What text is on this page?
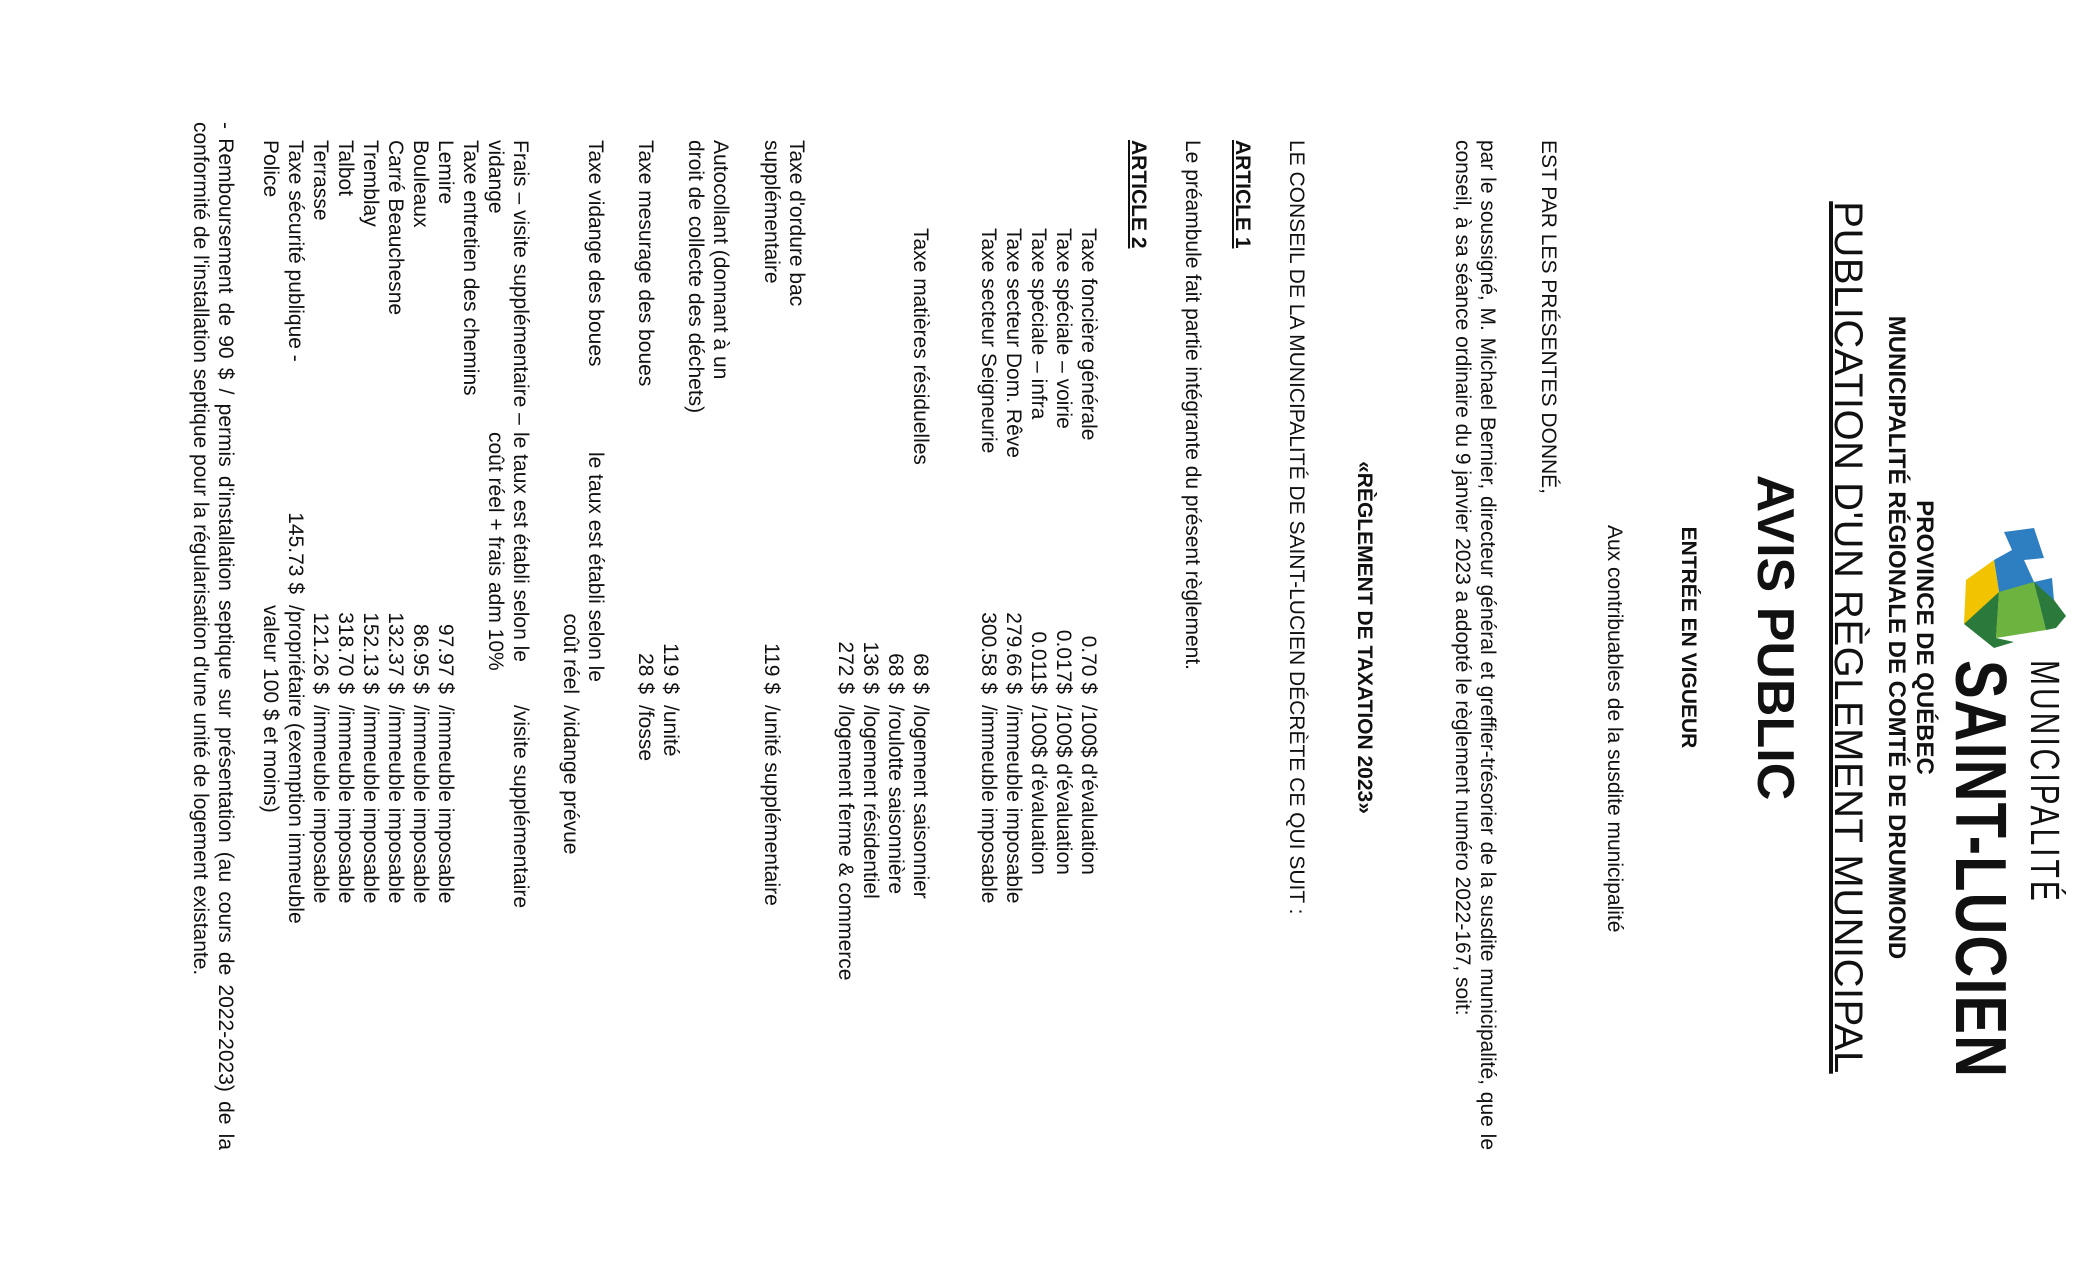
MUNICIPALITÉ
SAINT-LUCIEN
PROVINCE DE QUÉBEC
MUNICIPALITÉ RÉGIONALE DE COMTÉ DE DRUMMOND
PUBLICATION D'UN RÈGLEMENT MUNICIPAL
AVIS PUBLIC
ENTRÉE EN VIGUEUR
Aux contribuables de la susdite municipalité
EST PAR LES PRÉSENTES DONNÉ,
par le soussigné, M. Michael Bernier, directeur général et greffier-trésorier de la susdite municipalité, que le conseil, à sa séance ordinaire du 9 janvier 2023 a adopté le règlement numéro 2022-167, soit:
«RÈGLEMENT DE TAXATION 2023»
LE CONSEIL DE LA MUNICIPALITÉ DE SAINT-LUCIEN DÉCRÈTE CE QUI SUIT :
ARTICLE 1
Le préambule fait partie intégrante du présent règlement.
ARTICLE 2
Taxe foncière générale
0.70 $
/100$ d'évaluation
Taxe spéciale – voirie
0.017$
/100$ d'évaluation
Taxe spéciale – infra
0.011$
/100$ d'évaluation
Taxe secteur Dom. Rêve
279.66 $
/immeuble imposable
Taxe secteur Seigneurie
300.58 $
/immeuble imposable
Taxe matières résiduelles
68 $
/logement saisonnier
68 $
/roulotte saisonnière
136 $
/logement résidentiel
272 $
/logement ferme & commerce
Taxe d'ordure bac
supplémentaire
119 $
/unité supplémentaire
Autocollant (donnant à un
droit de collecte des déchets)
119 $
/unité
Taxe mesurage des boues
28 $
/fosse
Taxe vidange des boues
le taux est établi selon le
coût réel
/vidange prévue
Frais – visite supplémentaire –
vidange
le taux est établi selon le
coût réel + frais adm 10%
/visite supplémentaire
Taxe entretien des chemins
Lemire
97.97 $
/immeuble imposable
Bouleaux
86.95 $
/immeuble imposable
Carré Beauchesne
132.37 $
/immeuble imposable
Tremblay
152.13 $
/immeuble imposable
Talbot
318.70 $
/immeuble imposable
Terrasse
121.26 $
/immeuble imposable
Taxe sécurité publique -
Police
145.73 $
/propriétaire (exemption immeuble
valeur 100 $ et moins)
- Remboursement de 90 $ / permis d'installation septique sur présentation (au cours de 2022-2023) de la conformité de l'installation septique pour la régularisation d'une unité de logement existante.
